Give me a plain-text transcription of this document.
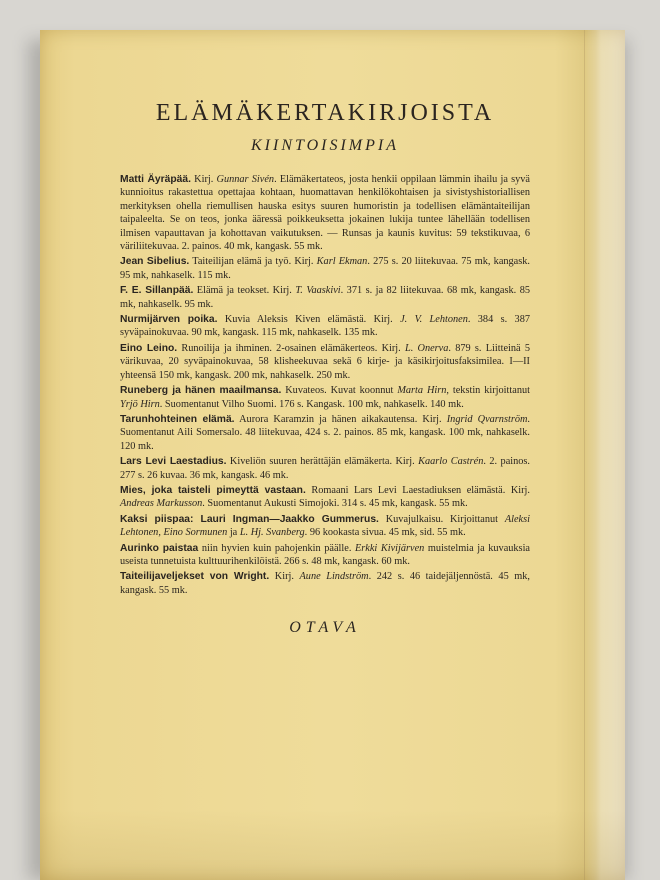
ELÄMÄKERTAKIRJOISTA
KIINTOISIMPIA

Matti Äyräpää. Kirj. Gunnar Sivén. Elämäkertateos, josta henkii oppilaan lämmin ihailu ja syvä kunnioitus rakastettua opettajaa kohtaan, huomattavan henkilökohtaisen ja sivistyshistoriallisen merkityksen ohella riemullisen hauska esitys suuren humoristin ja todellisen elämäntaiteilijan taipaleelta. Se on teos, jonka ääressä poikkeuksetta jokainen lukija tuntee lähellään todellisen ilmisen vapauttavan ja kohottavan vaikutuksen. — Runsas ja kaunis kuvitus: 59 tekstikuvaa, 6 väriliitekuvaa. 2. painos. 40 mk, kangask. 55 mk.

Jean Sibelius. Taiteilijan elämä ja työ. Kirj. Karl Ekman. 275 s. 20 liitekuvaa. 75 mk, kangask. 95 mk, nahkaselk. 115 mk.

F. E. Sillanpää. Elämä ja teokset. Kirj. T. Vaaskivi. 371 s. ja 82 liitekuvaa. 68 mk, kangask. 85 mk, nahkaselk. 95 mk.

Nurmijärven poika. Kuvia Aleksis Kiven elämästä. Kirj. J. V. Lehtonen. 384 s. 387 syväpainokuvaa. 90 mk, kangask. 115 mk, nahkaselk. 135 mk.

Eino Leino. Runoilija ja ihminen. 2-osainen elämäkerteos. Kirj. L. Onerva. 879 s. Liitteinä 5 värikuvaa, 20 syväpainokuvaa, 58 klisheekuvaa sekä 6 kirje- ja käsikirjoitusfaksimilea. I—II yhteensä 150 mk, kangask. 200 mk, nahkaselk. 250 mk.

Runeberg ja hänen maailmansa. Kuvateos. Kuvat koonnut Marta Hirn, tekstin kirjoittanut Yrjö Hirn. Suomentanut Vilho Suomi. 176 s. Kangask. 100 mk, nahkaselk. 140 mk.

Tarunhohteinen elämä. Aurora Karamzin ja hänen aikakautensa. Kirj. Ingrid Qvarnström. Suomentanut Aili Somersalo. 48 liitekuvaa, 424 s. 2. painos. 85 mk, kangask. 100 mk, nahkaselk. 120 mk.

Lars Levi Laestadius. Kiveliön suuren herättäjän elämäkerta. Kirj. Kaarlo Castrén. 2. painos. 277 s. 26 kuvaa. 36 mk, kangask. 46 mk.

Mies, joka taisteli pimeyttä vastaan. Romaani Lars Levi Laestadiuksen elämästä. Kirj. Andreas Markusson. Suomentanut Aukusti Simojoki. 314 s. 45 mk, kangask. 55 mk.

Kaksi piispaa: Lauri Ingman—Jaakko Gummerus. Kuvajulkaisu. Kirjoittanut Aleksi Lehtonen, Eino Sormunen ja L. Hj. Svanberg. 96 kookasta sivua. 45 mk, sid. 55 mk.

Aurinko paistaa niin hyvien kuin pahojenkin päälle. Erkki Kivijärven muistelmia ja kuvauksia useista tunnetuista kulttuurihenkilöistä. 266 s. 48 mk, kangask. 60 mk.

Taiteilijaveljekset von Wright. Kirj. Aune Lindström. 242 s. 46 taidejäljennöstä. 45 mk, kangask. 55 mk.

OTAVA
